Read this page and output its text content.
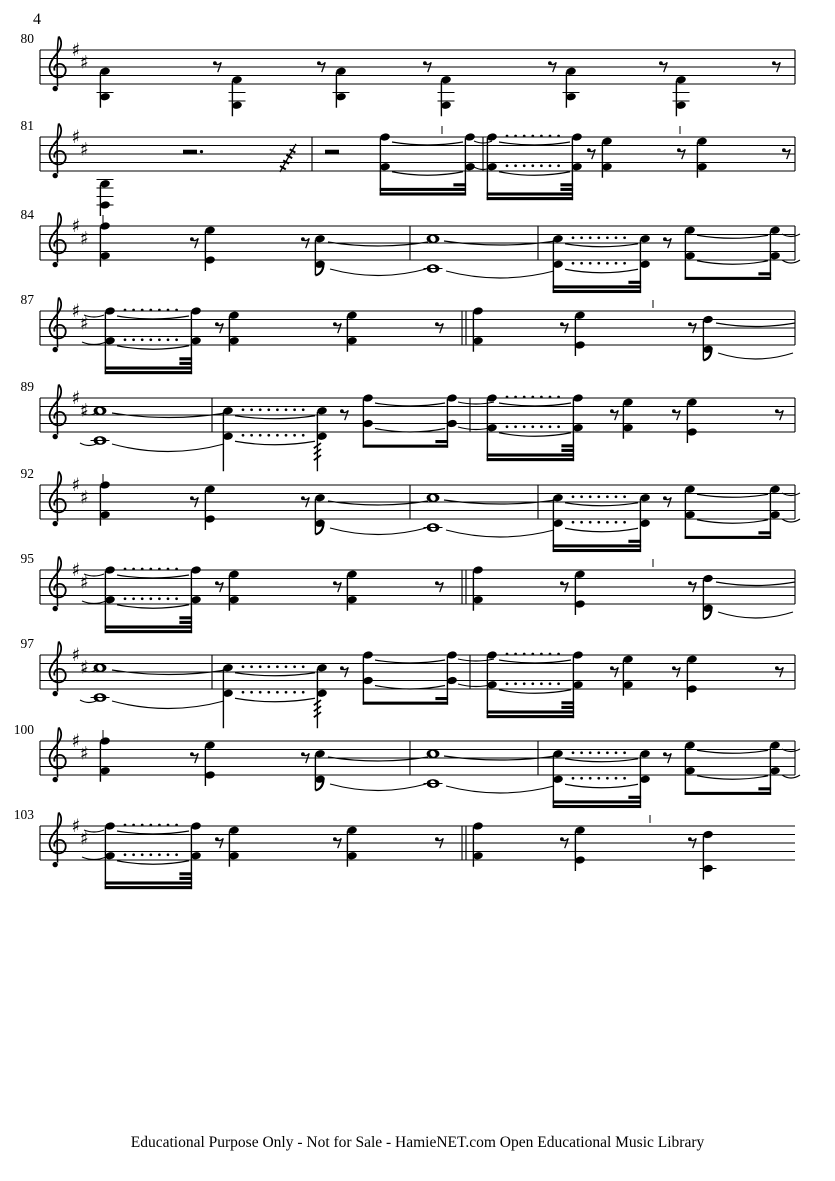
4
♯
♯
♯
♯
♯
♯
♯
♯
♯
♯
♯
♯
♯
♯
♯
♯
♯
♯
♯
♯
80
81
84
87
89
92
95
97
100
103
Educational Purpose Only - Not for Sale - HamieNET.com Open Educational Music Library
